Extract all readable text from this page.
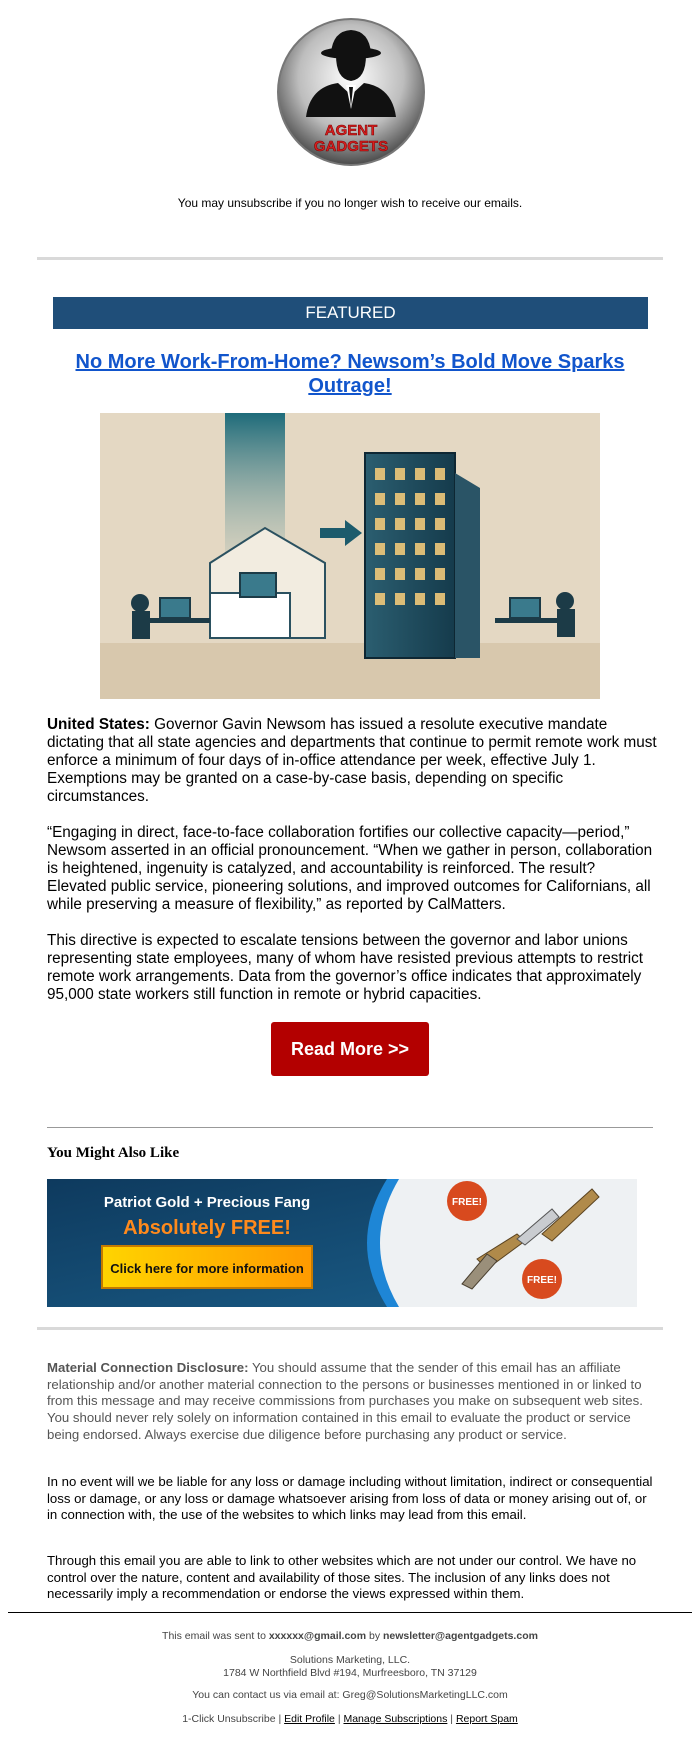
AGENT
GADGETS
You may unsubscribe if you no longer wish to receive our emails.
FEATURED
No More Work-From-Home? Newsom’s Bold Move Sparks Outrage!
United States: Governor Gavin Newsom has issued a resolute executive mandate dictating that all state agencies and departments that continue to permit remote work must enforce a minimum of four days of in-office attendance per week, effective July 1. Exemptions may be granted on a case-by-case basis, depending on specific circumstances.
“Engaging in direct, face-to-face collaboration fortifies our collective capacity—period,” Newsom asserted in an official pronouncement. “When we gather in person, collaboration is heightened, ingenuity is catalyzed, and accountability is reinforced. The result? Elevated public service, pioneering solutions, and improved outcomes for Californians, all while preserving a measure of flexibility,” as reported by CalMatters.
This directive is expected to escalate tensions between the governor and labor unions representing state employees, many of whom have resisted previous attempts to restrict remote work arrangements. Data from the governor’s office indicates that approximately 95,000 state workers still function in remote or hybrid capacities.
Read More >>
You Might Also Like
Patriot Gold + Precious Fang
Absolutely FREE!
Click here for more information
FREE!
FREE!
Material Connection Disclosure: You should assume that the sender of this email has an affiliate relationship and/or another material connection to the persons or businesses mentioned in or linked to from this message and may receive commissions from purchases you make on subsequent web sites. You should never rely solely on information contained in this email to evaluate the product or service being endorsed. Always exercise due diligence before purchasing any product or service.
In no event will we be liable for any loss or damage including without limitation, indirect or consequential loss or damage, or any loss or damage whatsoever arising from loss of data or money arising out of, or in connection with, the use of the websites to which links may lead from this email.
Through this email you are able to link to other websites which are not under our control. We have no control over the nature, content and availability of those sites. The inclusion of any links does not necessarily imply a recommendation or endorse the views expressed within them.
This email was sent to xxxxxx@gmail.com by newsletter@agentgadgets.com
Solutions Marketing, LLC.
1784 W Northfield Blvd #194, Murfreesboro, TN 37129
You can contact us via email at: Greg@SolutionsMarketingLLC.com
1-Click Unsubscribe | Edit Profile | Manage Subscriptions | Report Spam
